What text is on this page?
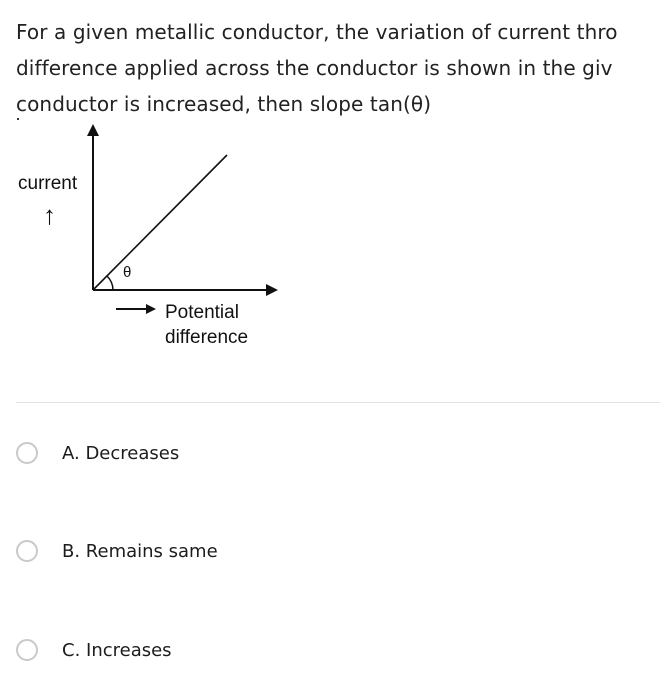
For a given metallic conductor, the variation of current thro
difference applied across the conductor is shown in the giv
conductor is increased, then slope tan(θ)
θ
current
↑
Potential
difference
A. Decreases
B. Remains same
C. Increases
